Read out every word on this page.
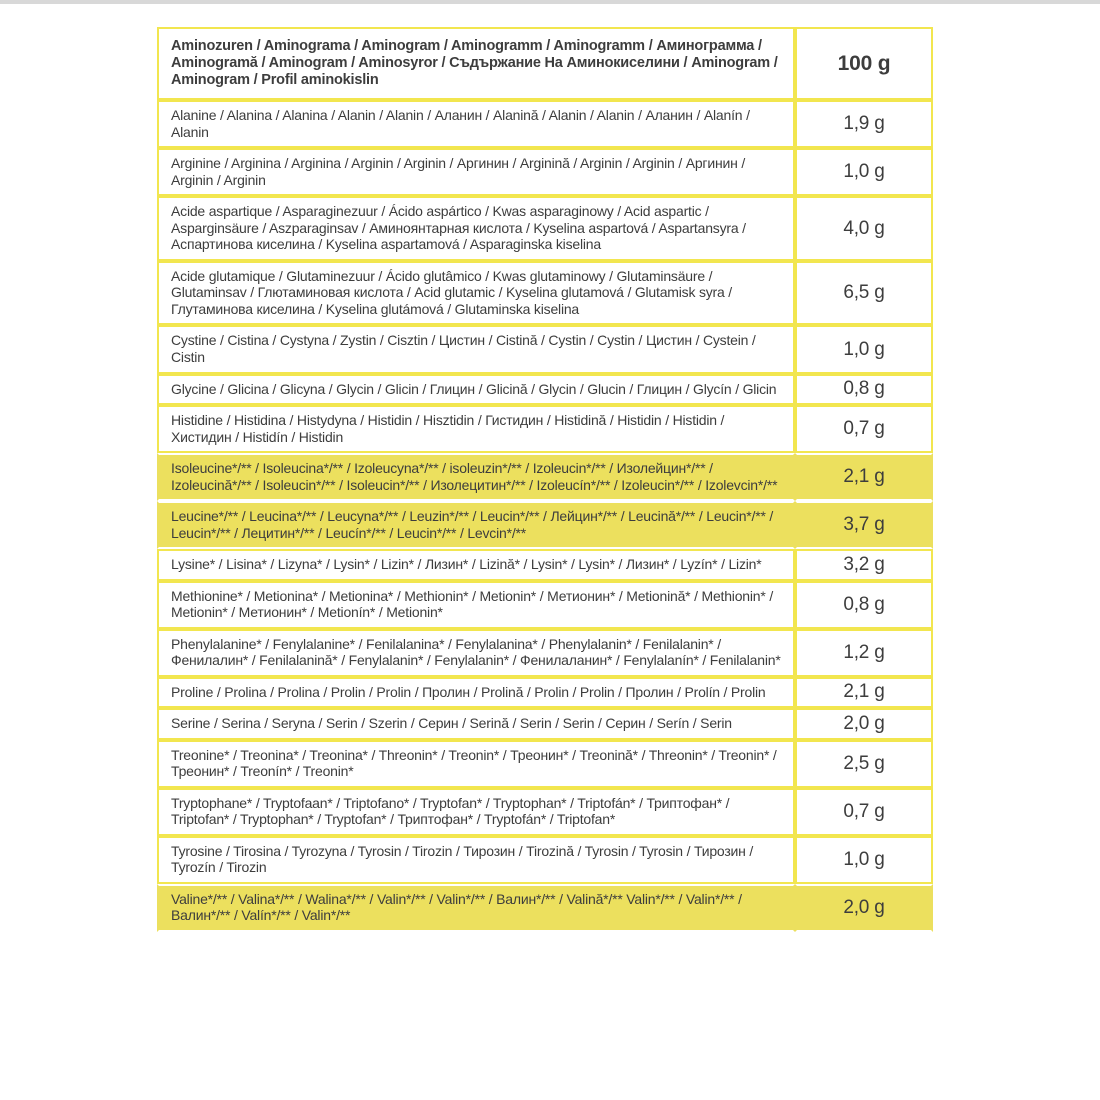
Aminozuren / Aminograma / Aminogram / Aminogramm / Aminogramm / Аминограмма / Aminogramă / Aminogram / Aminosyror / Съдържание На Аминокиселини / Aminogram / Aminogram / Profil aminokislin	100 g
Alanine / Alanina / Alanina / Alanin / Alanin / Аланин / Alanină / Alanin / Alanin / Аланин / Alanín / Alanin	1,9 g
Arginine / Arginina / Arginina / Arginin / Arginin / Аргинин / Arginină / Arginin / Arginin / Аргинин / Arginin / Arginin	1,0 g
Acide aspartique / Asparaginezuur / Ácido aspártico / Kwas asparaginowy / Acid aspartic / Asparginsäure / Aszparaginsav / Аминоянтарная кислота / Kyselina aspartová / Aspartansyra / Аспартинова киселина / Kyselina aspartamová / Asparaginska kiselina	4,0 g
Acide glutamique / Glutaminezuur / Ácido glutâmico / Kwas glutaminowy / Glutaminsäure / Glutaminsav / Глютаминовая кислота / Acid glutamic / Kyselina glutamová / Glutamisk syra / Глутаминова киселина / Kyselina glutámová / Glutaminska kiselina	6,5 g
Cystine / Cistina / Cystyna / Zystin / Cisztin / Цистин / Cistină / Cystin / Cystin / Цистин / Cystein / Cistin	1,0 g
Glycine / Glicina / Glicyna / Glycin / Glicin / Глицин / Glicină / Glycin / Glucin / Глицин / Glycín / Glicin	0,8 g
Histidine / Histidina / Histydyna / Histidin / Hisztidin / Гистидин / Histidină / Histidin / Histidin / Хистидин / Histidín / Histidin	0,7 g
Isoleucine*/** / Isoleucina*/** / Izoleucyna*/** / isoleuzin*/** / Izoleucin*/** / Изолейцин*/** / Izoleucină*/** / Isoleucin*/** / Isoleucin*/** / Изолецитин*/** / Izoleucín*/** / Izoleucin*/** / Izolevcin*/**	2,1 g
Leucine*/** / Leucina*/** / Leucyna*/** / Leuzin*/** / Leucin*/** / Лейцин*/** / Leucină*/** / Leucin*/** / Leucin*/** / Лецитин*/** / Leucín*/** / Leucin*/** / Levcin*/**	3,7 g
Lysine* / Lisina* / Lizyna* / Lysin* / Lizin* / Лизин* / Lizină* / Lysin* / Lysin* / Лизин* / Lyzín* / Lizin*	3,2 g
Methionine* / Metionina* / Metionina* / Methionin* / Metionin* / Метионин* / Metionină* / Methionin* / Metionin* / Метионин* / Metionín* / Metionin*	0,8 g
Phenylalanine* / Fenylalanine* / Fenilalanina* / Fenylalanina* / Phenylalanin* / Fenilalanin* / Фенилалин* / Fenilalanină* / Fenylalanin* / Fenylalanin* / Фенилаланин* / Fenylalanín* / Fenilalanin*	1,2 g
Proline / Prolina / Prolina / Prolin / Prolin / Пролин / Prolină / Prolin / Prolin / Пролин / Prolín / Prolin	2,1 g
Serine / Serina / Seryna / Serin / Szerin / Серин / Serină / Serin / Serin / Серин / Serín / Serin	2,0 g
Treonine* / Treonina* / Treonina* / Threonin* / Treonin* / Треонин* / Treonină* / Threonin* / Treonin* / Треонин* / Treonín* / Treonin*	2,5 g
Tryptophane* / Tryptofaan* / Triptofano* / Tryptofan* / Tryptophan* / Triptofán* / Триптофан* / Triptofan* / Tryptophan* / Tryptofan* / Триптофан* / Tryptofán* / Triptofan*	0,7 g
Tyrosine / Tirosina / Tyrozyna / Tyrosin / Tirozin / Тирозин / Tirozină / Tyrosin / Tyrosin / Тирозин / Tyrozín / Tirozin	1,0 g
Valine*/** / Valina*/** / Walina*/** / Valin*/** / Valin*/** / Валин*/** / Valină*/** Valin*/** / Valin*/** / Валин*/** / Valín*/** / Valin*/**	2,0 g
